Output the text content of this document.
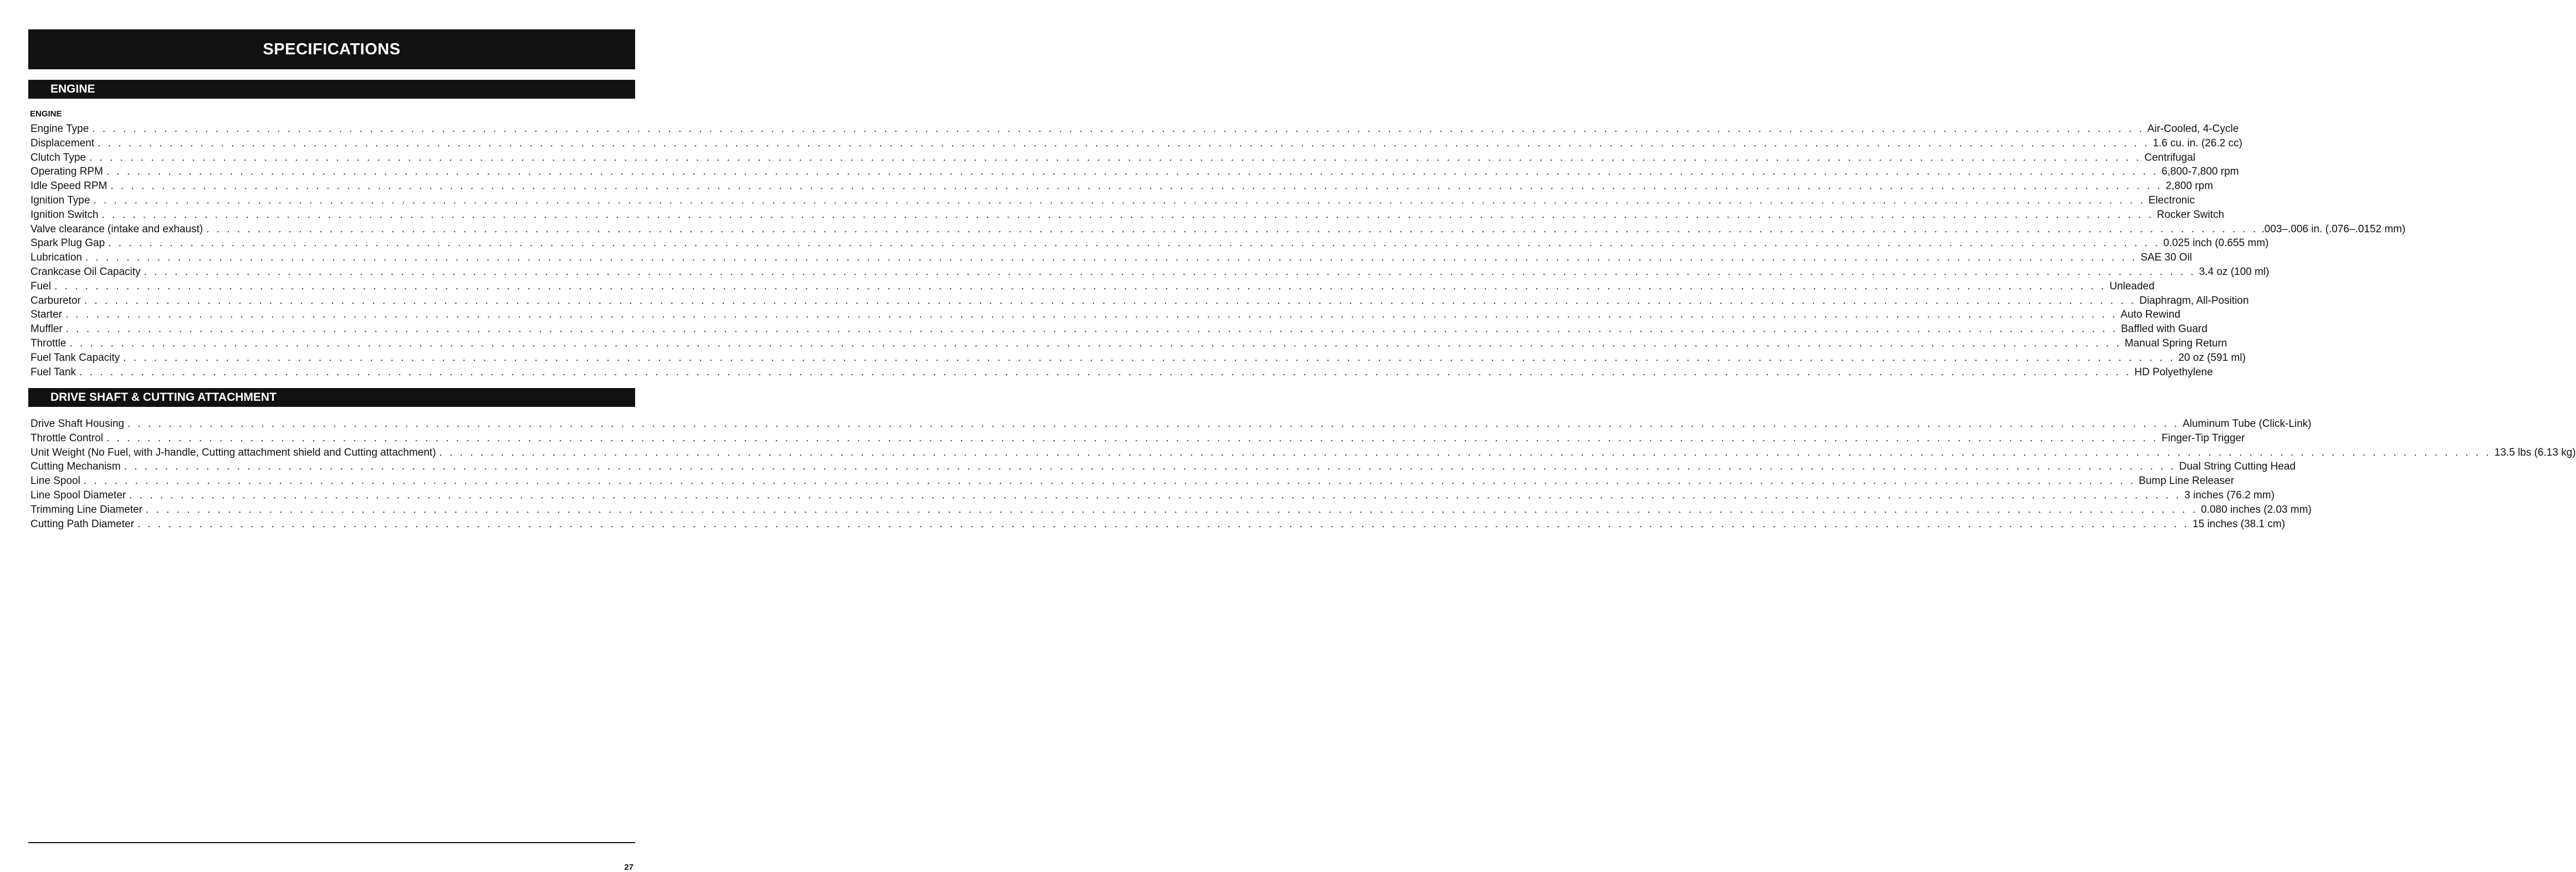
SPECIFICATIONS
ENGINE
ENGINE
Engine Type . . . . . . . . . . . . . . . . . . . . . . . . . . . . . . . . . . . . . . . . . . . . . . . . . . . . . . . . . . . . . . . . . . . . . . . . . . . . . . . . . . . . . . . . . . . . . . . . . . . . . . . . . . . . . . . . . . . . . . . . . . . . . . . . . . . . . . . . . . . . . . . . . . . . . . . . . . . . . . . . . . . . . . . . . . . . . . . . . . . . . . . . . . . . . . . . . . . . . . . . Air-Cooled, 4-Cycle
Displacement . . . . . . . . . . . . . . . . . . . . . . . . . . . . . . . . . . . . . . . . . . . . . . . . . . . . . . . . . . . . . . . . . . . . . . . . . . . . . . . . . . . . . . . . . . . . . . . . . . . . . . . . . . . . . . . . . . . . . . . . . . . . . . . . . . . . . . . . . . . . . . . . . . . . . . . . . . . . . . . . . . . . . . . . . . . . . . . . . . . . . . . . . . . . . . . . . . . . . . . . 1.6 cu. in. (26.2 cc)
Clutch Type . . . . . . . . . . . . . . . . . . . . . . . . . . . . . . . . . . . . . . . . . . . . . . . . . . . . . . . . . . . . . . . . . . . . . . . . . . . . . . . . . . . . . . . . . . . . . . . . . . . . . . . . . . . . . . . . . . . . . . . . . . . . . . . . . . . . . . . . . . . . . . . . . . . . . . . . . . . . . . . . . . . . . . . . . . . . . . . . . . . . . . . . . . . . . . . . . . . . . . . . Centrifugal
Operating RPM . . . . . . . . . . . . . . . . . . . . . . . . . . . . . . . . . . . . . . . . . . . . . . . . . . . . . . . . . . . . . . . . . . . . . . . . . . . . . . . . . . . . . . . . . . . . . . . . . . . . . . . . . . . . . . . . . . . . . . . . . . . . . . . . . . . . . . . . . . . . . . . . . . . . . . . . . . . . . . . . . . . . . . . . . . . . . . . . . . . . . . . . . . . . . . . . . . . . . . . . 6,800-7,800 rpm
Idle Speed RPM . . . . . . . . . . . . . . . . . . . . . . . . . . . . . . . . . . . . . . . . . . . . . . . . . . . . . . . . . . . . . . . . . . . . . . . . . . . . . . . . . . . . . . . . . . . . . . . . . . . . . . . . . . . . . . . . . . . . . . . . . . . . . . . . . . . . . . . . . . . . . . . . . . . . . . . . . . . . . . . . . . . . . . . . . . . . . . . . . . . . . . . . . . . . . . . . . . . . . . . . 2,800 rpm
Ignition Type . . . . . . . . . . . . . . . . . . . . . . . . . . . . . . . . . . . . . . . . . . . . . . . . . . . . . . . . . . . . . . . . . . . . . . . . . . . . . . . . . . . . . . . . . . . . . . . . . . . . . . . . . . . . . . . . . . . . . . . . . . . . . . . . . . . . . . . . . . . . . . . . . . . . . . . . . . . . . . . . . . . . . . . . . . . . . . . . . . . . . . . . . . . . . . . . . . . . . . . . Electronic
Ignition Switch . . . . . . . . . . . . . . . . . . . . . . . . . . . . . . . . . . . . . . . . . . . . . . . . . . . . . . . . . . . . . . . . . . . . . . . . . . . . . . . . . . . . . . . . . . . . . . . . . . . . . . . . . . . . . . . . . . . . . . . . . . . . . . . . . . . . . . . . . . . . . . . . . . . . . . . . . . . . . . . . . . . . . . . . . . . . . . . . . . . . . . . . . . . . . . . . . . . . . . . . Rocker Switch
Valve clearance (intake and exhaust) . . . . . . . . . . . . . . . . . . . . . . . . . . . . . . . . . . . . . . . . . . . . . . . . . . . . . . . . . . . . . . . . . . . . . . . . . . . . . . . . . . . . . . . . . . . . . . . . . . . . . . . . . . . . . . . . . . . . . . . . . . . . . . . . . . . . . . . . . . . . . . . . . . . . . . . . . . . . . . . . . . . . . . . . . . . . . . . . . . . . . . . . . . . . . . . . . . . . . . . . .003–.006 in. (.076–.0152 mm)
Spark Plug Gap . . . . . . . . . . . . . . . . . . . . . . . . . . . . . . . . . . . . . . . . . . . . . . . . . . . . . . . . . . . . . . . . . . . . . . . . . . . . . . . . . . . . . . . . . . . . . . . . . . . . . . . . . . . . . . . . . . . . . . . . . . . . . . . . . . . . . . . . . . . . . . . . . . . . . . . . . . . . . . . . . . . . . . . . . . . . . . . . . . . . . . . . . . . . . . . . . . . . . . . . 0.025 inch (0.655 mm)
Lubrication . . . . . . . . . . . . . . . . . . . . . . . . . . . . . . . . . . . . . . . . . . . . . . . . . . . . . . . . . . . . . . . . . . . . . . . . . . . . . . . . . . . . . . . . . . . . . . . . . . . . . . . . . . . . . . . . . . . . . . . . . . . . . . . . . . . . . . . . . . . . . . . . . . . . . . . . . . . . . . . . . . . . . . . . . . . . . . . . . . . . . . . . . . . . . . . . . . . . . . . . SAE 30 Oil
Crankcase Oil Capacity . . . . . . . . . . . . . . . . . . . . . . . . . . . . . . . . . . . . . . . . . . . . . . . . . . . . . . . . . . . . . . . . . . . . . . . . . . . . . . . . . . . . . . . . . . . . . . . . . . . . . . . . . . . . . . . . . . . . . . . . . . . . . . . . . . . . . . . . . . . . . . . . . . . . . . . . . . . . . . . . . . . . . . . . . . . . . . . . . . . . . . . . . . . . . . . . . . . . . . . . 3.4 oz (100 ml)
Fuel . . . . . . . . . . . . . . . . . . . . . . . . . . . . . . . . . . . . . . . . . . . . . . . . . . . . . . . . . . . . . . . . . . . . . . . . . . . . . . . . . . . . . . . . . . . . . . . . . . . . . . . . . . . . . . . . . . . . . . . . . . . . . . . . . . . . . . . . . . . . . . . . . . . . . . . . . . . . . . . . . . . . . . . . . . . . . . . . . . . . . . . . . . . . . . . . . . . . . . . . Unleaded
Carburetor . . . . . . . . . . . . . . . . . . . . . . . . . . . . . . . . . . . . . . . . . . . . . . . . . . . . . . . . . . . . . . . . . . . . . . . . . . . . . . . . . . . . . . . . . . . . . . . . . . . . . . . . . . . . . . . . . . . . . . . . . . . . . . . . . . . . . . . . . . . . . . . . . . . . . . . . . . . . . . . . . . . . . . . . . . . . . . . . . . . . . . . . . . . . . . . . . . . . . . . . Diaphragm, All-Position
Starter . . . . . . . . . . . . . . . . . . . . . . . . . . . . . . . . . . . . . . . . . . . . . . . . . . . . . . . . . . . . . . . . . . . . . . . . . . . . . . . . . . . . . . . . . . . . . . . . . . . . . . . . . . . . . . . . . . . . . . . . . . . . . . . . . . . . . . . . . . . . . . . . . . . . . . . . . . . . . . . . . . . . . . . . . . . . . . . . . . . . . . . . . . . . . . . . . . . . . . . . Auto Rewind
Muffler . . . . . . . . . . . . . . . . . . . . . . . . . . . . . . . . . . . . . . . . . . . . . . . . . . . . . . . . . . . . . . . . . . . . . . . . . . . . . . . . . . . . . . . . . . . . . . . . . . . . . . . . . . . . . . . . . . . . . . . . . . . . . . . . . . . . . . . . . . . . . . . . . . . . . . . . . . . . . . . . . . . . . . . . . . . . . . . . . . . . . . . . . . . . . . . . . . . . . . . . Baffled with Guard
Throttle . . . . . . . . . . . . . . . . . . . . . . . . . . . . . . . . . . . . . . . . . . . . . . . . . . . . . . . . . . . . . . . . . . . . . . . . . . . . . . . . . . . . . . . . . . . . . . . . . . . . . . . . . . . . . . . . . . . . . . . . . . . . . . . . . . . . . . . . . . . . . . . . . . . . . . . . . . . . . . . . . . . . . . . . . . . . . . . . . . . . . . . . . . . . . . . . . . . . . . . . Manual Spring Return
Fuel Tank Capacity . . . . . . . . . . . . . . . . . . . . . . . . . . . . . . . . . . . . . . . . . . . . . . . . . . . . . . . . . . . . . . . . . . . . . . . . . . . . . . . . . . . . . . . . . . . . . . . . . . . . . . . . . . . . . . . . . . . . . . . . . . . . . . . . . . . . . . . . . . . . . . . . . . . . . . . . . . . . . . . . . . . . . . . . . . . . . . . . . . . . . . . . . . . . . . . . . . . . . . . . 20 oz (591 ml)
Fuel Tank . . . . . . . . . . . . . . . . . . . . . . . . . . . . . . . . . . . . . . . . . . . . . . . . . . . . . . . . . . . . . . . . . . . . . . . . . . . . . . . . . . . . . . . . . . . . . . . . . . . . . . . . . . . . . . . . . . . . . . . . . . . . . . . . . . . . . . . . . . . . . . . . . . . . . . . . . . . . . . . . . . . . . . . . . . . . . . . . . . . . . . . . . . . . . . . . . . . . . . . . HD Polyethylene
DRIVE SHAFT & CUTTING ATTACHMENT
Drive Shaft Housing . . . . . . . . . . . . . . . . . . . . . . . . . . . . . . . . . . . . . . . . . . . . . . . . . . . . . . . . . . . . . . . . . . . . . . . . . . . . . . . . . . . . . . . . . . . . . . . . . . . . . . . . . . . . . . . . . . . . . . . . . . . . . . . . . . . . . . . . . . . . . . . . . . . . . . . . . . . . . . . . . . . . . . . . . . . . . . . . . . . . . . . . . . . . . . . . . . . . . . . . Aluminum Tube (Click-Link)
Throttle Control . . . . . . . . . . . . . . . . . . . . . . . . . . . . . . . . . . . . . . . . . . . . . . . . . . . . . . . . . . . . . . . . . . . . . . . . . . . . . . . . . . . . . . . . . . . . . . . . . . . . . . . . . . . . . . . . . . . . . . . . . . . . . . . . . . . . . . . . . . . . . . . . . . . . . . . . . . . . . . . . . . . . . . . . . . . . . . . . . . . . . . . . . . . . . . . . . . . . . . . . Finger-Tip Trigger
Unit Weight (No Fuel, with J-handle, Cutting attachment shield and Cutting attachment) . . . . . . . . . . . . . . . . . . . . . . . . . . . . . . . . . . . . . . . . . . . . . . . . . . . . . . . . . . . . . . . . . . . . . . . . . . . . . . . . . . . . . . . . . . . . . . . . . . . . . . . . . . . . . . . . . . . . . . . . . . . . . . . . . . . . . . . . . . . . . . . . . . . . . . . . . . . . . . . . . . . . . . . . . . . . . . . . . . . . . . . . . . . . . . . . . . . . . . . . 13.5 lbs (6.13 kg)
Cutting Mechanism . . . . . . . . . . . . . . . . . . . . . . . . . . . . . . . . . . . . . . . . . . . . . . . . . . . . . . . . . . . . . . . . . . . . . . . . . . . . . . . . . . . . . . . . . . . . . . . . . . . . . . . . . . . . . . . . . . . . . . . . . . . . . . . . . . . . . . . . . . . . . . . . . . . . . . . . . . . . . . . . . . . . . . . . . . . . . . . . . . . . . . . . . . . . . . . . . . . . . . . . Dual String Cutting Head
Line Spool . . . . . . . . . . . . . . . . . . . . . . . . . . . . . . . . . . . . . . . . . . . . . . . . . . . . . . . . . . . . . . . . . . . . . . . . . . . . . . . . . . . . . . . . . . . . . . . . . . . . . . . . . . . . . . . . . . . . . . . . . . . . . . . . . . . . . . . . . . . . . . . . . . . . . . . . . . . . . . . . . . . . . . . . . . . . . . . . . . . . . . . . . . . . . . . . . . . . . . . . Bump Line Releaser
Line Spool Diameter . . . . . . . . . . . . . . . . . . . . . . . . . . . . . . . . . . . . . . . . . . . . . . . . . . . . . . . . . . . . . . . . . . . . . . . . . . . . . . . . . . . . . . . . . . . . . . . . . . . . . . . . . . . . . . . . . . . . . . . . . . . . . . . . . . . . . . . . . . . . . . . . . . . . . . . . . . . . . . . . . . . . . . . . . . . . . . . . . . . . . . . . . . . . . . . . . . . . . . . . 3 inches (76.2 mm)
Trimming Line Diameter . . . . . . . . . . . . . . . . . . . . . . . . . . . . . . . . . . . . . . . . . . . . . . . . . . . . . . . . . . . . . . . . . . . . . . . . . . . . . . . . . . . . . . . . . . . . . . . . . . . . . . . . . . . . . . . . . . . . . . . . . . . . . . . . . . . . . . . . . . . . . . . . . . . . . . . . . . . . . . . . . . . . . . . . . . . . . . . . . . . . . . . . . . . . . . . . . . . . . . . . 0.080 inches (2.03 mm)
Cutting Path Diameter . . . . . . . . . . . . . . . . . . . . . . . . . . . . . . . . . . . . . . . . . . . . . . . . . . . . . . . . . . . . . . . . . . . . . . . . . . . . . . . . . . . . . . . . . . . . . . . . . . . . . . . . . . . . . . . . . . . . . . . . . . . . . . . . . . . . . . . . . . . . . . . . . . . . . . . . . . . . . . . . . . . . . . . . . . . . . . . . . . . . . . . . . . . . . . . . . . . . . . . . 15 inches (38.1 cm)
27
